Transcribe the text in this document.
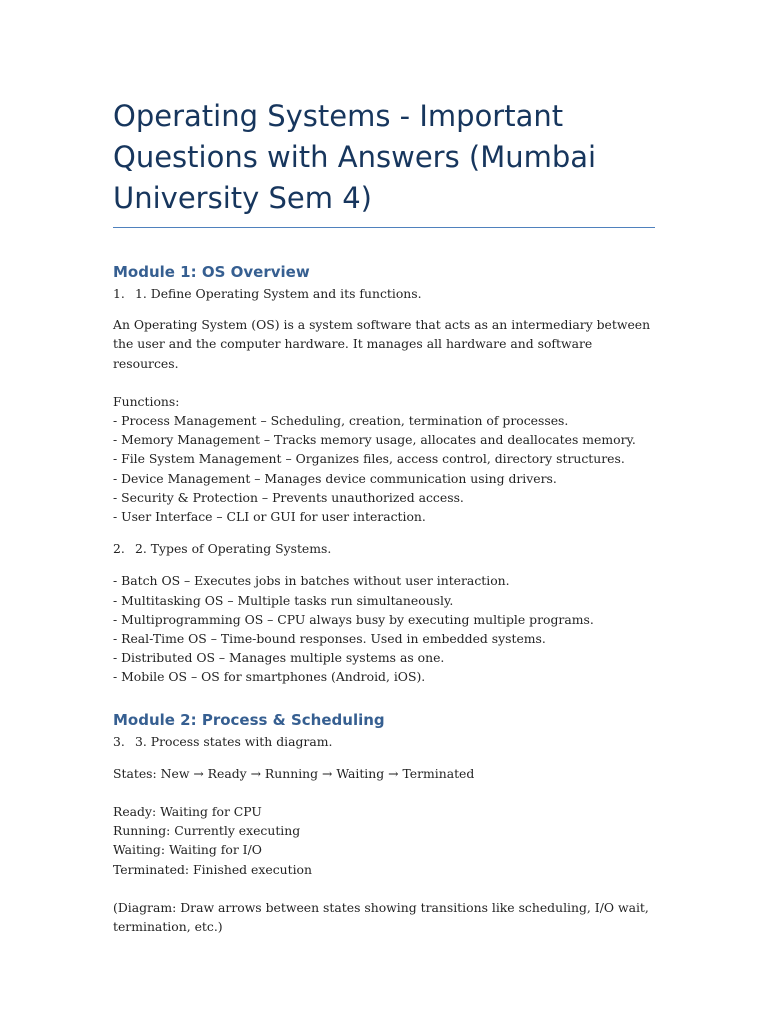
Operating Systems - Important Questions with Answers (Mumbai University Sem 4)
Module 1: OS Overview
1. 1. Define Operating System and its functions.

An Operating System (OS) is a system software that acts as an intermediary between the user and the computer hardware. It manages all hardware and software resources.

Functions:
- Process Management – Scheduling, creation, termination of processes.
- Memory Management – Tracks memory usage, allocates and deallocates memory.
- File System Management – Organizes files, access control, directory structures.
- Device Management – Manages device communication using drivers.
- Security & Protection – Prevents unauthorized access.
- User Interface – CLI or GUI for user interaction.

2. 2. Types of Operating Systems.

- Batch OS – Executes jobs in batches without user interaction.
- Multitasking OS – Multiple tasks run simultaneously.
- Multiprogramming OS – CPU always busy by executing multiple programs.
- Real-Time OS – Time-bound responses. Used in embedded systems.
- Distributed OS – Manages multiple systems as one.
- Mobile OS – OS for smartphones (Android, iOS).

Module 2: Process & Scheduling
3. 3. Process states with diagram.

States: New → Ready → Running → Waiting → Terminated

Ready: Waiting for CPU
Running: Currently executing
Waiting: Waiting for I/O
Terminated: Finished execution

(Diagram: Draw arrows between states showing transitions like scheduling, I/O wait, termination, etc.)
